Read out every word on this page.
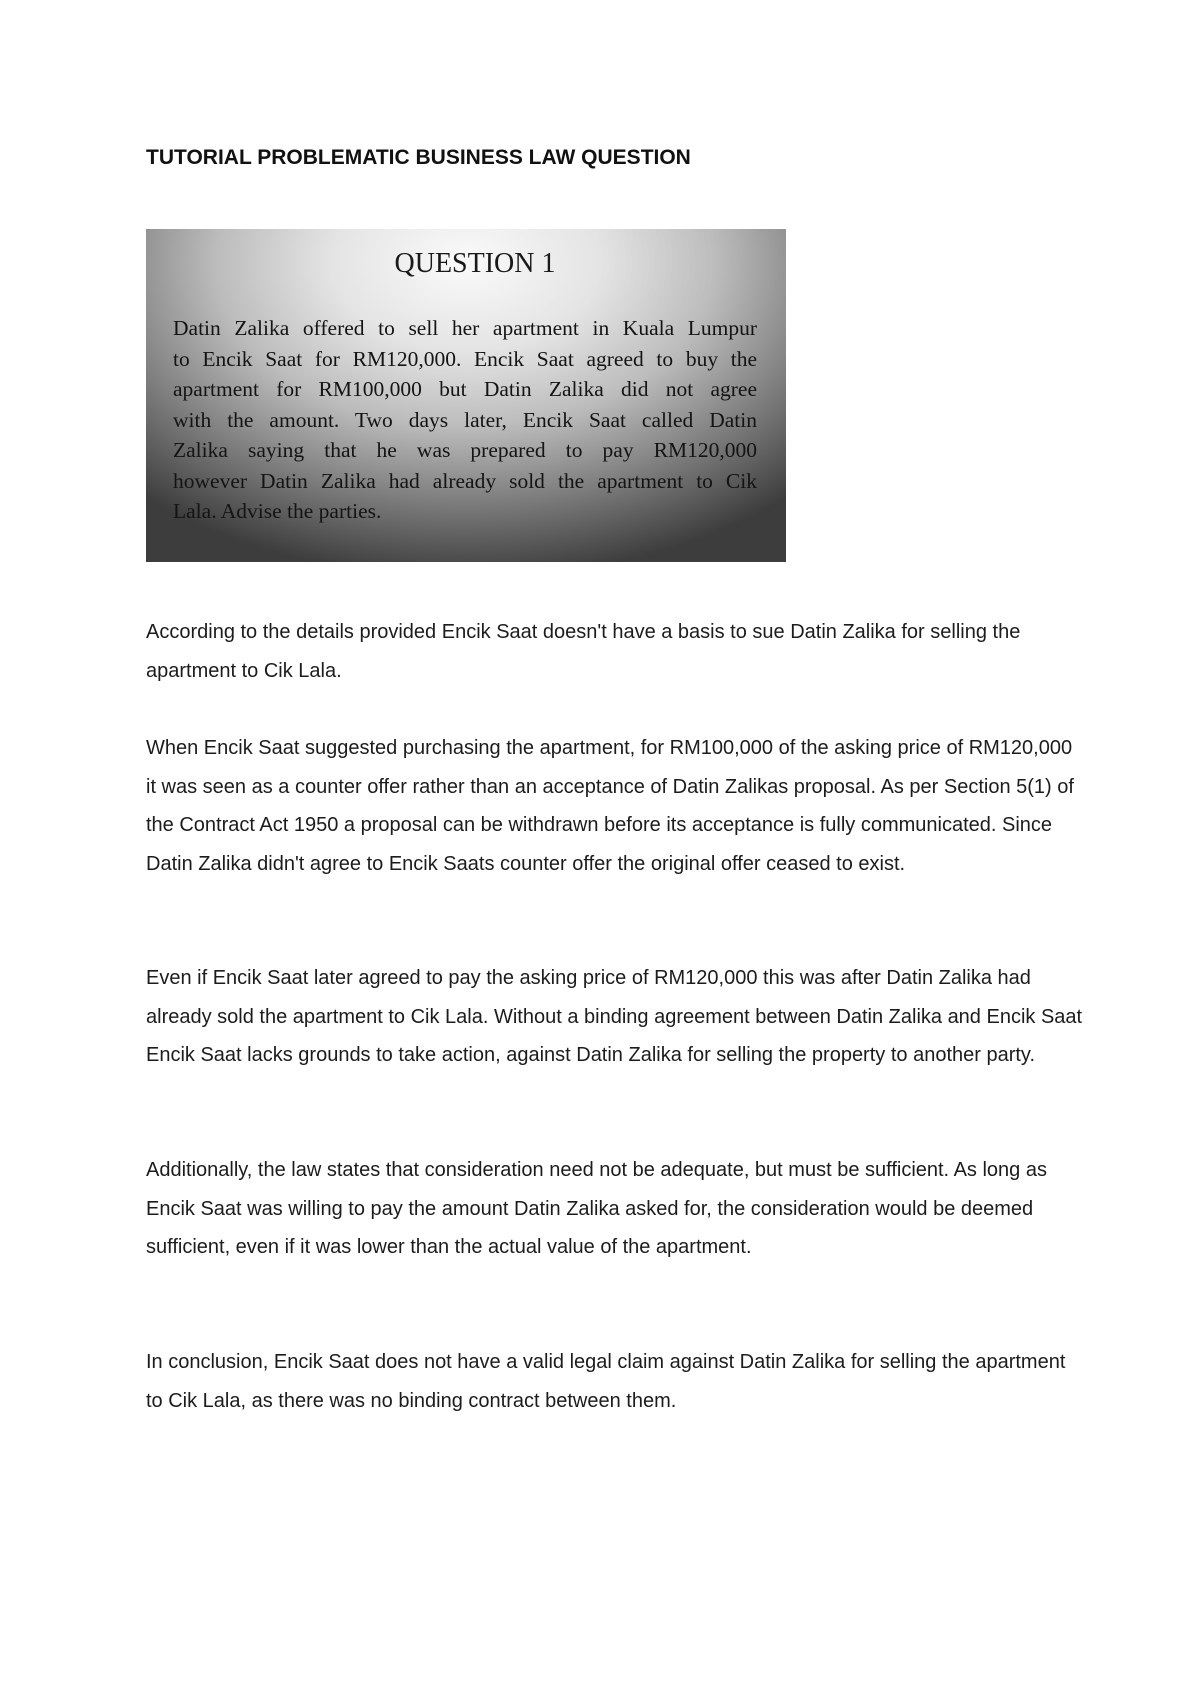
TUTORIAL PROBLEMATIC BUSINESS LAW QUESTION
QUESTION 1

Datin Zalika offered to sell her apartment in Kuala Lumpur
to Encik Saat for RM120,000. Encik Saat agreed to buy the
apartment for RM100,000 but Datin Zalika did not agree
with the amount. Two days later, Encik Saat called Datin
Zalika saying that he was prepared to pay RM120,000
however Datin Zalika had already sold the apartment to Cik
Lala. Advise the parties.

According to the details provided Encik Saat doesn't have a basis to sue Datin Zalika for selling the apartment to Cik Lala.

When Encik Saat suggested purchasing the apartment, for RM100,000 of the asking price of RM120,000 it was seen as a counter offer rather than an acceptance of Datin Zalikas proposal. As per Section 5(1) of the Contract Act 1950 a proposal can be withdrawn before its acceptance is fully communicated. Since Datin Zalika didn't agree to Encik Saats counter offer the original offer ceased to exist.

Even if Encik Saat later agreed to pay the asking price of RM120,000 this was after Datin Zalika had already sold the apartment to Cik Lala. Without a binding agreement between Datin Zalika and Encik Saat Encik Saat lacks grounds to take action, against Datin Zalika for selling the property to another party.

Additionally, the law states that consideration need not be adequate, but must be sufficient. As long as Encik Saat was willing to pay the amount Datin Zalika asked for, the consideration would be deemed sufficient, even if it was lower than the actual value of the apartment.

In conclusion, Encik Saat does not have a valid legal claim against Datin Zalika for selling the apartment to Cik Lala, as there was no binding contract between them.
